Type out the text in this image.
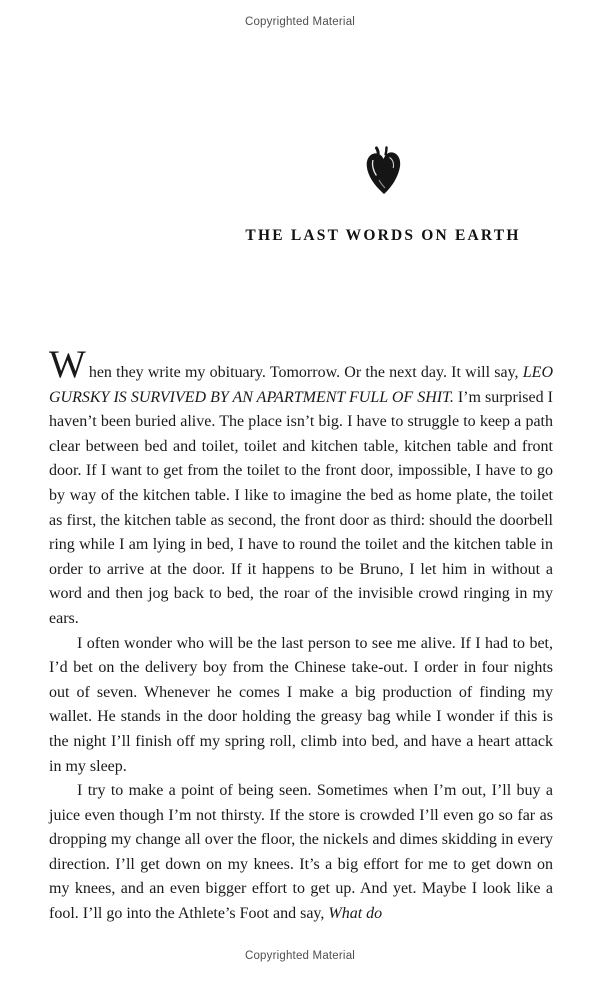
Copyrighted Material
THE LAST WORDS ON EARTH

When they write my obituary. Tomorrow. Or the next day. It will say, LEO GURSKY IS SURVIVED BY AN APARTMENT FULL OF SHIT. I’m surprised I haven’t been buried alive. The place isn’t big. I have to struggle to keep a path clear between bed and toilet, toilet and kitchen table, kitchen table and front door. If I want to get from the toilet to the front door, impossible, I have to go by way of the kitchen table. I like to imagine the bed as home plate, the toilet as first, the kitchen table as second, the front door as third: should the doorbell ring while I am lying in bed, I have to round the toilet and the kitchen table in order to arrive at the door. If it happens to be Bruno, I let him in without a word and then jog back to bed, the roar of the invisible crowd ringing in my ears.

I often wonder who will be the last person to see me alive. If I had to bet, I’d bet on the delivery boy from the Chinese take-out. I order in four nights out of seven. Whenever he comes I make a big production of finding my wallet. He stands in the door holding the greasy bag while I wonder if this is the night I’ll finish off my spring roll, climb into bed, and have a heart attack in my sleep.

I try to make a point of being seen. Sometimes when I’m out, I’ll buy a juice even though I’m not thirsty. If the store is crowded I’ll even go so far as dropping my change all over the floor, the nickels and dimes skidding in every direction. I’ll get down on my knees. It’s a big effort for me to get down on my knees, and an even bigger effort to get up. And yet. Maybe I look like a fool. I’ll go into the Athlete’s Foot and say, What do

Copyrighted Material
